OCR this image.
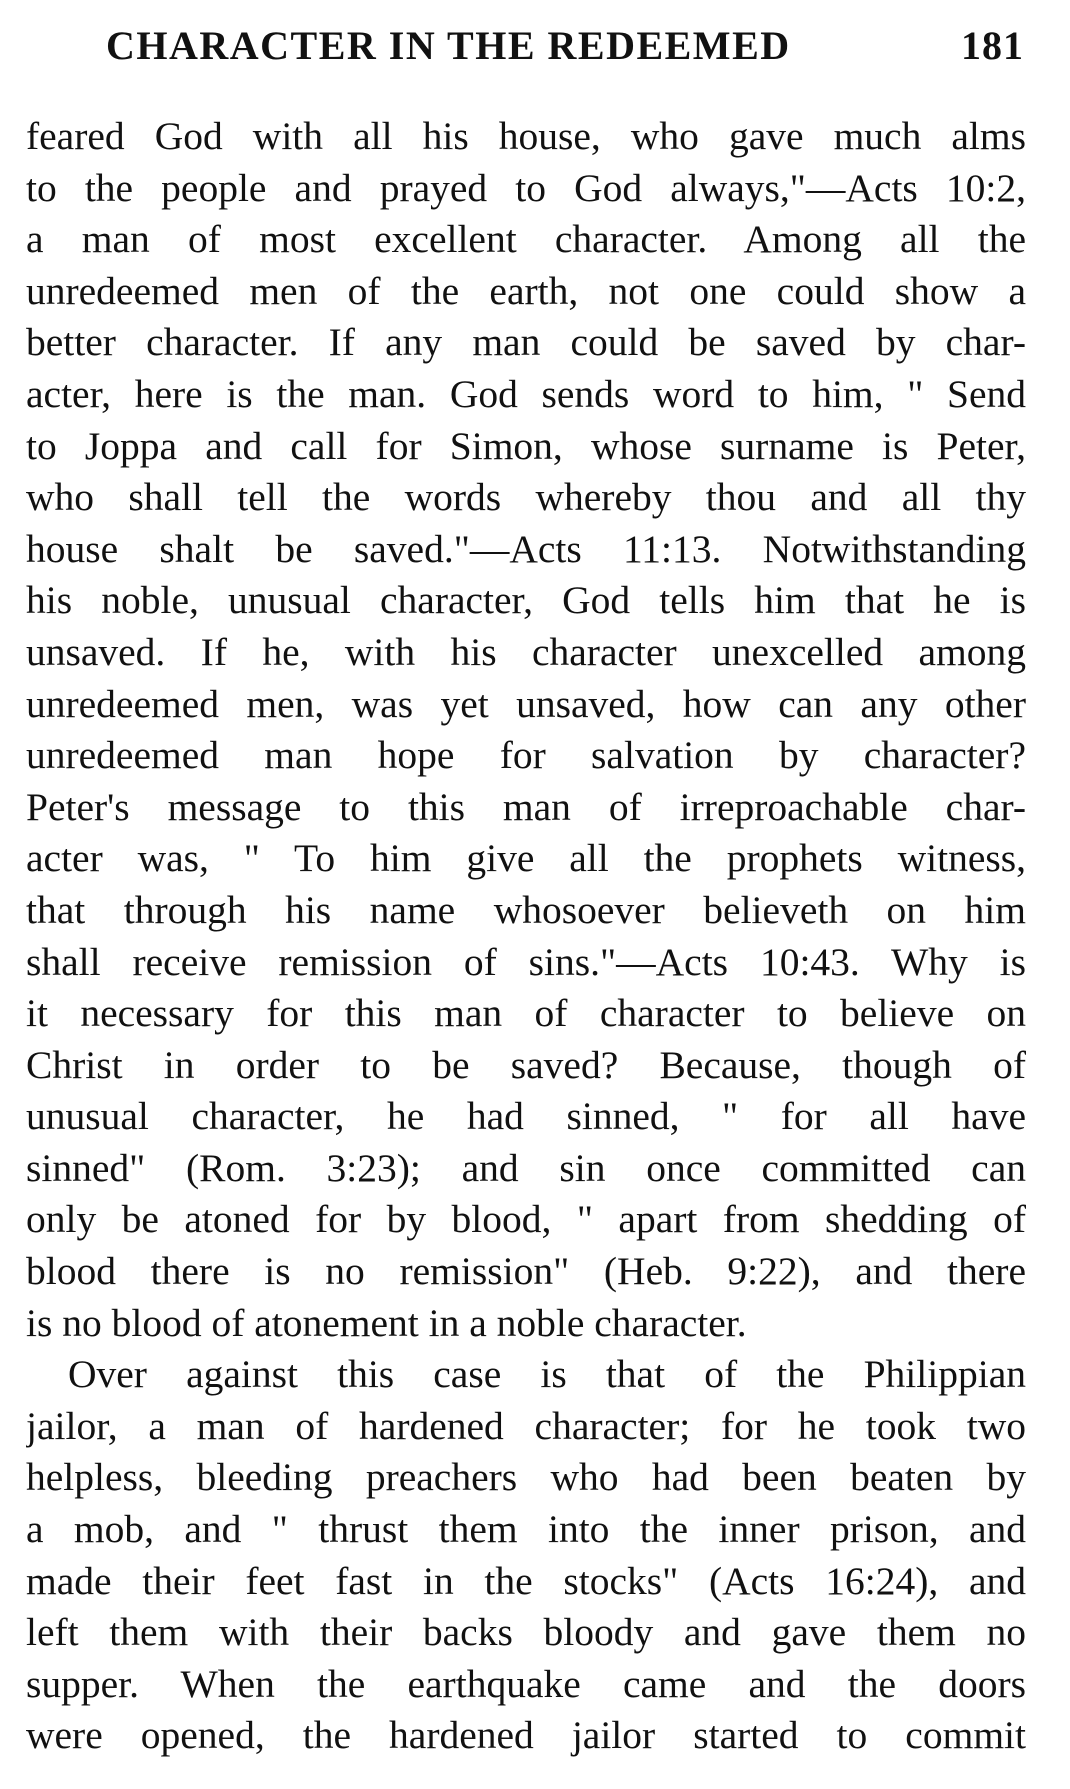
CHARACTER IN THE REDEEMED	181
feared God with all his house, who gave much alms
to the people and prayed to God always,"—Acts 10:2,
a man of most excellent character. Among all the
unredeemed men of the earth, not one could show a
better character. If any man could be saved by char-
acter, here is the man. God sends word to him, " Send
to Joppa and call for Simon, whose surname is Peter,
who shall tell the words whereby thou and all thy
house shalt be saved."—Acts 11:13. Notwithstanding
his noble, unusual character, God tells him that he is
unsaved. If he, with his character unexcelled among
unredeemed men, was yet unsaved, how can any other
unredeemed man hope for salvation by character?
Peter's message to this man of irreproachable char-
acter was, " To him give all the prophets witness,
that through his name whosoever believeth on him
shall receive remission of sins."—Acts 10:43. Why is
it necessary for this man of character to believe on
Christ in order to be saved? Because, though of
unusual character, he had sinned, " for all have
sinned" (Rom. 3:23); and sin once committed can
only be atoned for by blood, " apart from shedding of
blood there is no remission" (Heb. 9:22), and there
is no blood of atonement in a noble character.
Over against this case is that of the Philippian
jailor, a man of hardened character; for he took two
helpless, bleeding preachers who had been beaten by
a mob, and " thrust them into the inner prison, and
made their feet fast in the stocks" (Acts 16:24), and
left them with their backs bloody and gave them no
supper. When the earthquake came and the doors
were opened, the hardened jailor started to commit
